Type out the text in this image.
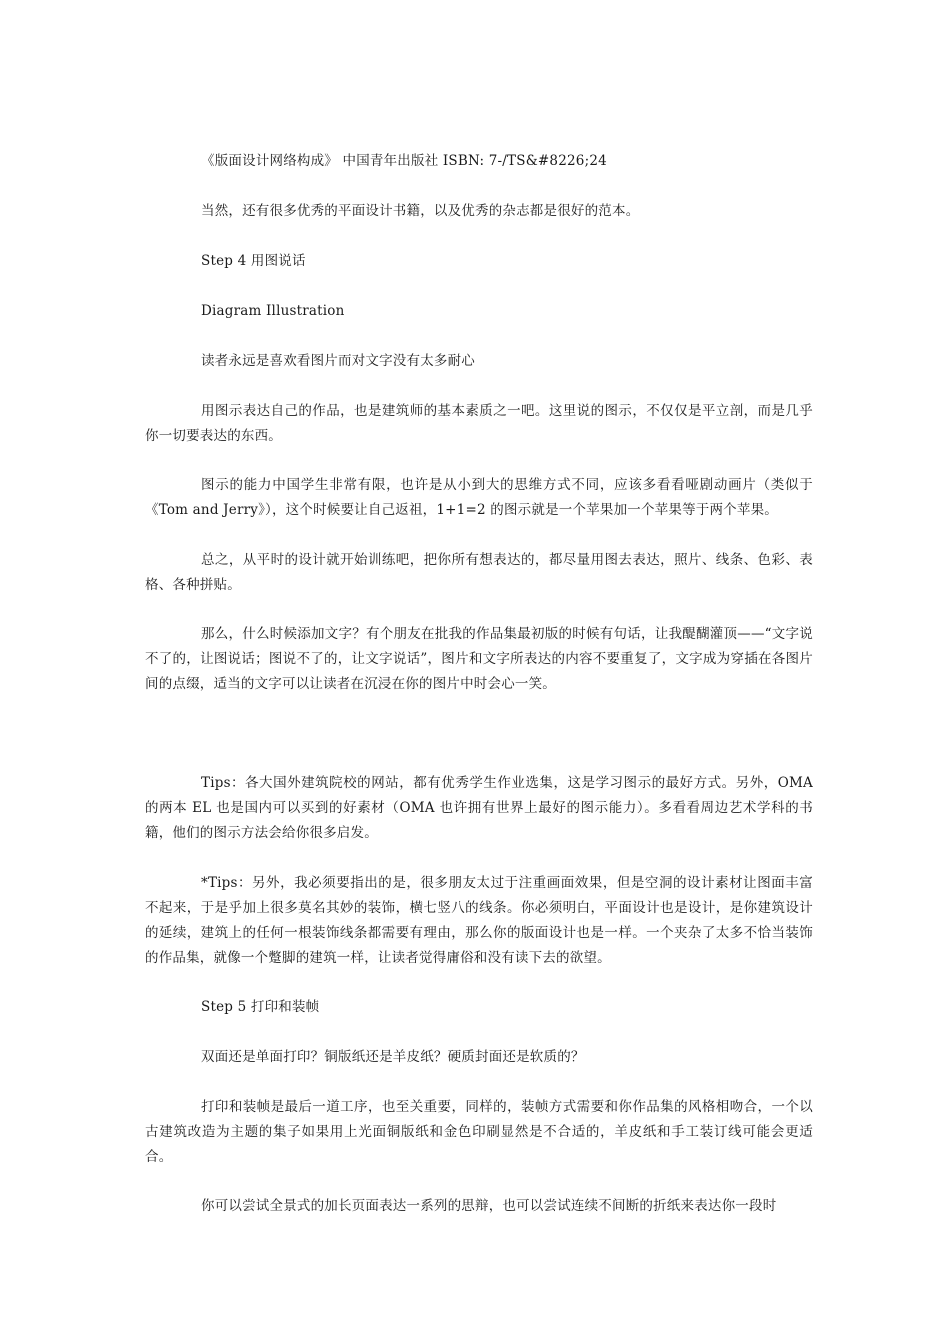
《版面设计网络构成》 中国青年出版社 ISBN: 7-/TS&#8226;24

当然，还有很多优秀的平面设计书籍，以及优秀的杂志都是很好的范本。

Step 4 用图说话

Diagram Illustration

读者永远是喜欢看图片而对文字没有太多耐心

用图示表达自己的作品，也是建筑师的基本素质之一吧。这里说的图示，不仅仅是平立剖，而是几乎你一切要表达的东西。

图示的能力中国学生非常有限，也许是从小到大的思维方式不同，应该多看看哑剧动画片（类似于《Tom and Jerry》），这个时候要让自己返祖，1+1=2 的图示就是一个苹果加一个苹果等于两个苹果。

总之，从平时的设计就开始训练吧，把你所有想表达的，都尽量用图去表达，照片、线条、色彩、表格、各种拼贴。

那么，什么时候添加文字？有个朋友在批我的作品集最初版的时候有句话，让我醍醐灌顶——“文字说不了的，让图说话；图说不了的，让文字说话”，图片和文字所表达的内容不要重复了，文字成为穿插在各图片间的点缀，适当的文字可以让读者在沉浸在你的图片中时会心一笑。

Tips：各大国外建筑院校的网站，都有优秀学生作业选集，这是学习图示的最好方式。另外，OMA 的两本 EL 也是国内可以买到的好素材（OMA 也许拥有世界上最好的图示能力）。多看看周边艺术学科的书籍，他们的图示方法会给你很多启发。

*Tips：另外，我必须要指出的是，很多朋友太过于注重画面效果，但是空洞的设计素材让图面丰富不起来，于是乎加上很多莫名其妙的装饰，横七竖八的线条。你必须明白，平面设计也是设计，是你建筑设计的延续，建筑上的任何一根装饰线条都需要有理由，那么你的版面设计也是一样。一个夹杂了太多不恰当装饰的作品集，就像一个蹩脚的建筑一样，让读者觉得庸俗和没有读下去的欲望。

Step 5 打印和装帧

双面还是单面打印？铜版纸还是羊皮纸？硬质封面还是软质的？

打印和装帧是最后一道工序，也至关重要，同样的，装帧方式需要和你作品集的风格相吻合，一个以古建筑改造为主题的集子如果用上光面铜版纸和金色印刷显然是不合适的，羊皮纸和手工装订线可能会更适合。

你可以尝试全景式的加长页面表达一系列的思辩，也可以尝试连续不间断的折纸来表达你一段时
